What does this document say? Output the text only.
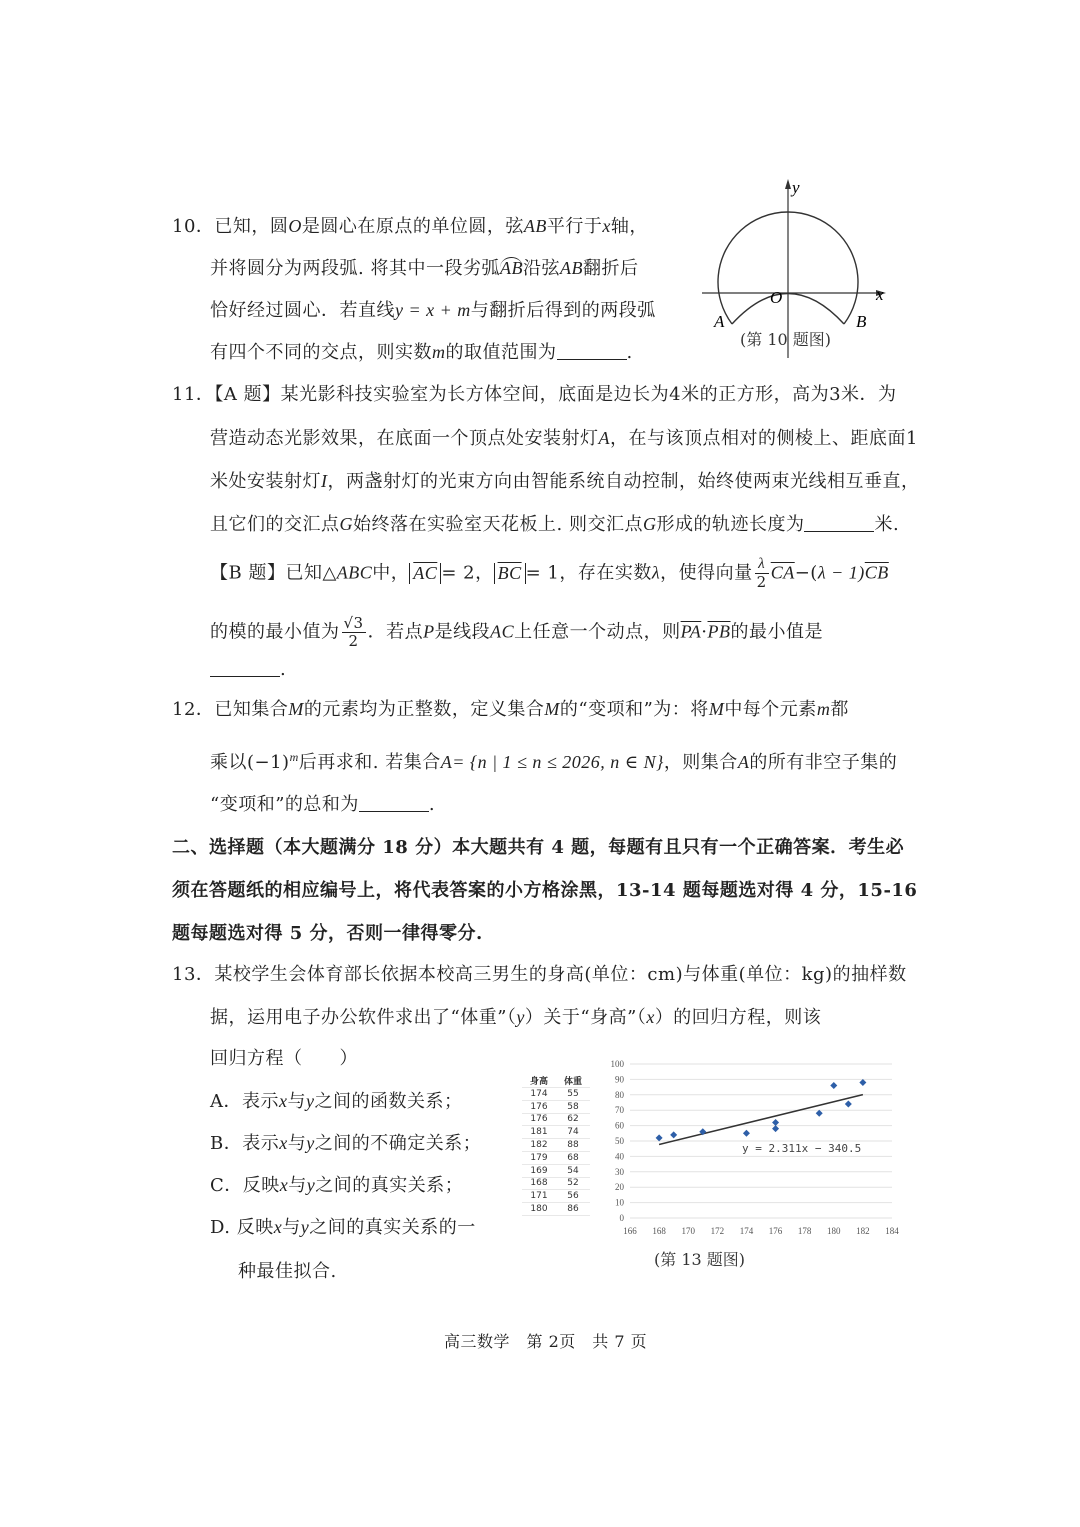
10．已知，圆O是圆心在原点的单位圆，弦AB平行于x轴，
并将圆分为两段弧. 将其中一段劣弧AB沿弦AB翻折后
恰好经过圆心．若直线y = x + m与翻折后得到的两段弧
有四个不同的交点，则实数m的取值范围为	.
y
x
O
A	B
(第 10 题图)
11．【A 题】某光影科技实验室为长方体空间，底面是边长为4米的正方形，高为3米．为
营造动态光影效果，在底面一个顶点处安装射灯A，在与该顶点相对的侧棱上、距底面1
米处安装射灯I，两盏射灯的光束方向由智能系统自动控制，始终使两束光线相互垂直，
且它们的交汇点G始终落在实验室天花板上. 则交汇点G形成的轨迹长度为	米.
【B 题】已知△ABC中， $\overline{AC} = 2$， $\overline{BC} = 1$，存在实数λ，使得向量 $\frac{\lambda}{2} \overline{CA}-(\lambda - 1)\overline{CB}$
的模的最小值为 $\frac{√3}{2}$ ．若点P是线段AC上任意一个动点，则$\overline{PA}\cdot\overline{PB}$的最小值是
.
12．已知集合M的元素均为正整数，定义集合M的“变项和”为：将M中每个元素m都
乘以$(-1)^m$后再求和. 若集合A= {n | 1 ≤ n ≤ 2026, n ∈ N}，则集合A的所有非空子集的
“变项和”的总和为	.
二、选择题（本大题满分 18 分）本大题共有 4 题，每题有且只有一个正确答案．考生必
须在答题纸的相应编号上，将代表答案的小方格涂黑，13-14 题每题选对得 4 分，15-16
题每题选对得 5 分，否则一律得零分.
13．某校学生会体育部长依据本校高三男生的身高(单位：cm)与体重(单位：kg)的抽样数
据，运用电子办公软件求出了“体重”（y）关于“身高”（x）的回归方程，则该
回归方程（　　）
A．表示x与y之间的函数关系；
B．表示x与y之间的不确定关系；
C．反映x与y之间的真实关系；
D. 反映x与y之间的真实关系的一
种最佳拟合.
身高	体重
174	55
176	58
176	62
181	74
182	88
179	68
169	54
168	52
171	56
180	86
0
10
20
30
40
50
60
70
80
90
100
166 168 170 172 174 176 178 180 182 184
y = 2.311x − 340.5
(第 13 题图)
高三数学　第 2页　共 7 页
